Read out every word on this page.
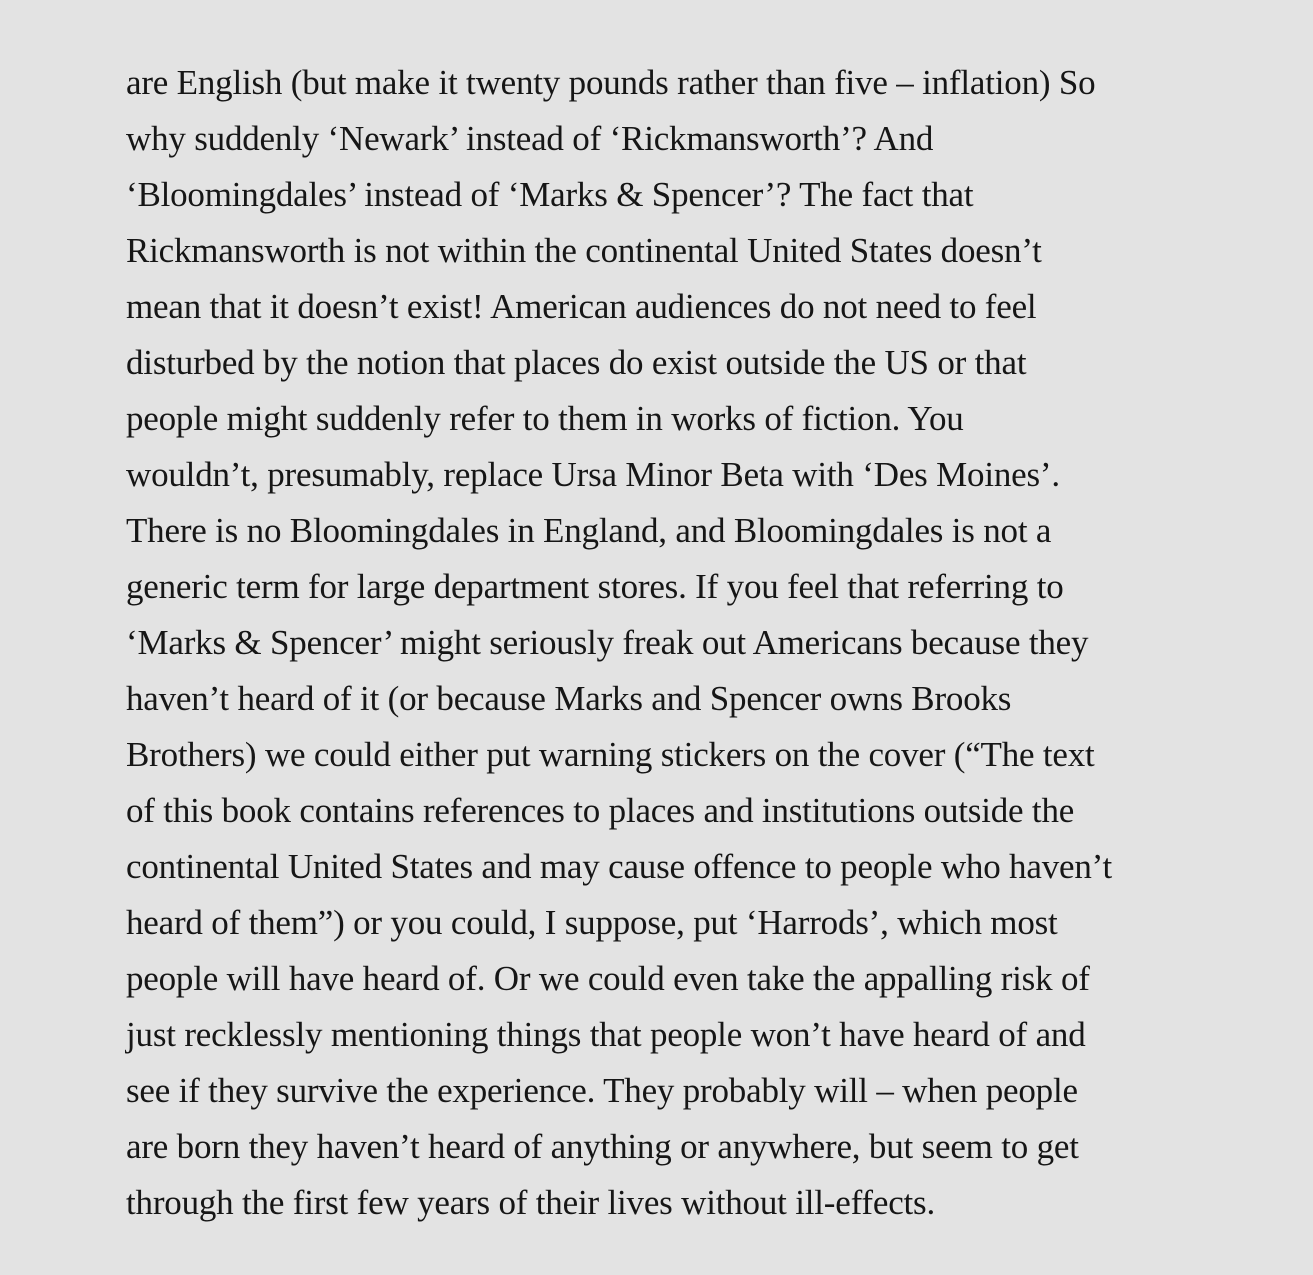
are English (but make it twenty pounds rather than five – inflation) So
why suddenly ‘Newark’ instead of ‘Rickmansworth’? And
‘Bloomingdales’ instead of ‘Marks & Spencer’? The fact that
Rickmansworth is not within the continental United States doesn’t
mean that it doesn’t exist! American audiences do not need to feel
disturbed by the notion that places do exist outside the US or that
people might suddenly refer to them in works of fiction. You
wouldn’t, presumably, replace Ursa Minor Beta with ‘Des Moines’.
There is no Bloomingdales in England, and Bloomingdales is not a
generic term for large department stores. If you feel that referring to
‘Marks & Spencer’ might seriously freak out Americans because they
haven’t heard of it (or because Marks and Spencer owns Brooks
Brothers) we could either put warning stickers on the cover (“The text
of this book contains references to places and institutions outside the
continental United States and may cause offence to people who haven’t
heard of them”) or you could, I suppose, put ‘Harrods’, which most
people will have heard of. Or we could even take the appalling risk of
just recklessly mentioning things that people won’t have heard of and
see if they survive the experience. They probably will – when people
are born they haven’t heard of anything or anywhere, but seem to get
through the first few years of their lives without ill-effects.
